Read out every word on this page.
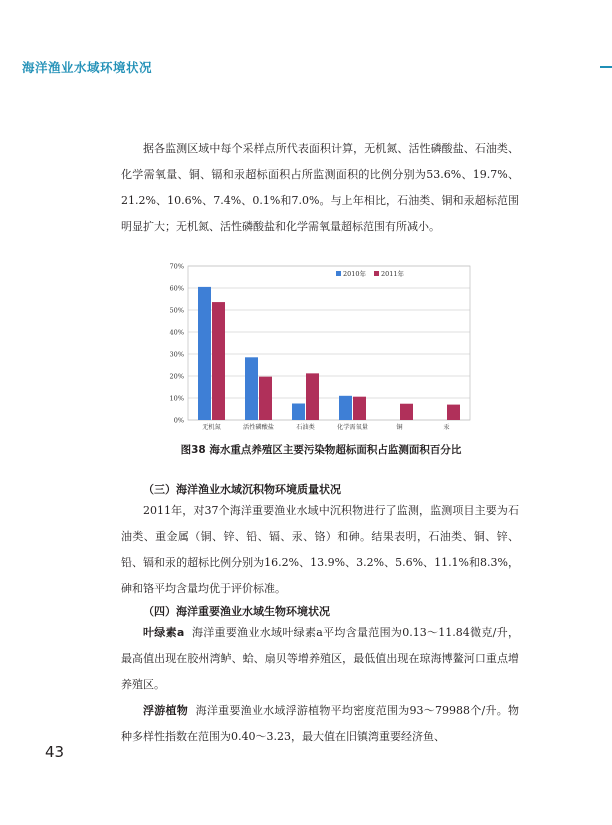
海洋渔业水域环境状况

据各监测区域中每个采样点所代表面积计算，无机氮、活性磷酸盐、石油类、化学需氧量、铜、镉和汞超标面积占所监测面积的比例分别为53.6%、19.7%、21.2%、10.6%、7.4%、0.1%和7.0%。与上年相比，石油类、铜和汞超标范围明显扩大；无机氮、活性磷酸盐和化学需氧量超标范围有所减小。

0%
10%
20%
30%
40%
50%
60%
70%
无机氮	活性磷酸盐	石油类	化学需氧量	铜	汞
2010年 2011年
图38 海水重点养殖区主要污染物超标面积占监测面积百分比
（三）海洋渔业水域沉积物环境质量状况

2011年，对37个海洋重要渔业水域中沉积物进行了监测，监测项目主要为石油类、重金属（铜、锌、铅、镉、汞、铬）和砷。结果表明，石油类、铜、锌、铅、镉和汞的超标比例分别为16.2%、13.9%、3.2%、5.6%、11.1%和8.3%，砷和铬平均含量均优于评价标准。

（四）海洋重要渔业水域生物环境状况

叶绿素a 海洋重要渔业水域叶绿素a平均含量范围为0.13～11.84微克/升，最高值出现在胶州湾鲈、蛤、扇贝等增养殖区，最低值出现在琼海博鳌河口重点增养殖区。

浮游植物 海洋重要渔业水域浮游植物平均密度范围为93～79988个/升。物种多样性指数在范围为0.40～3.23，最大值在旧镇湾重要经济鱼、

43
